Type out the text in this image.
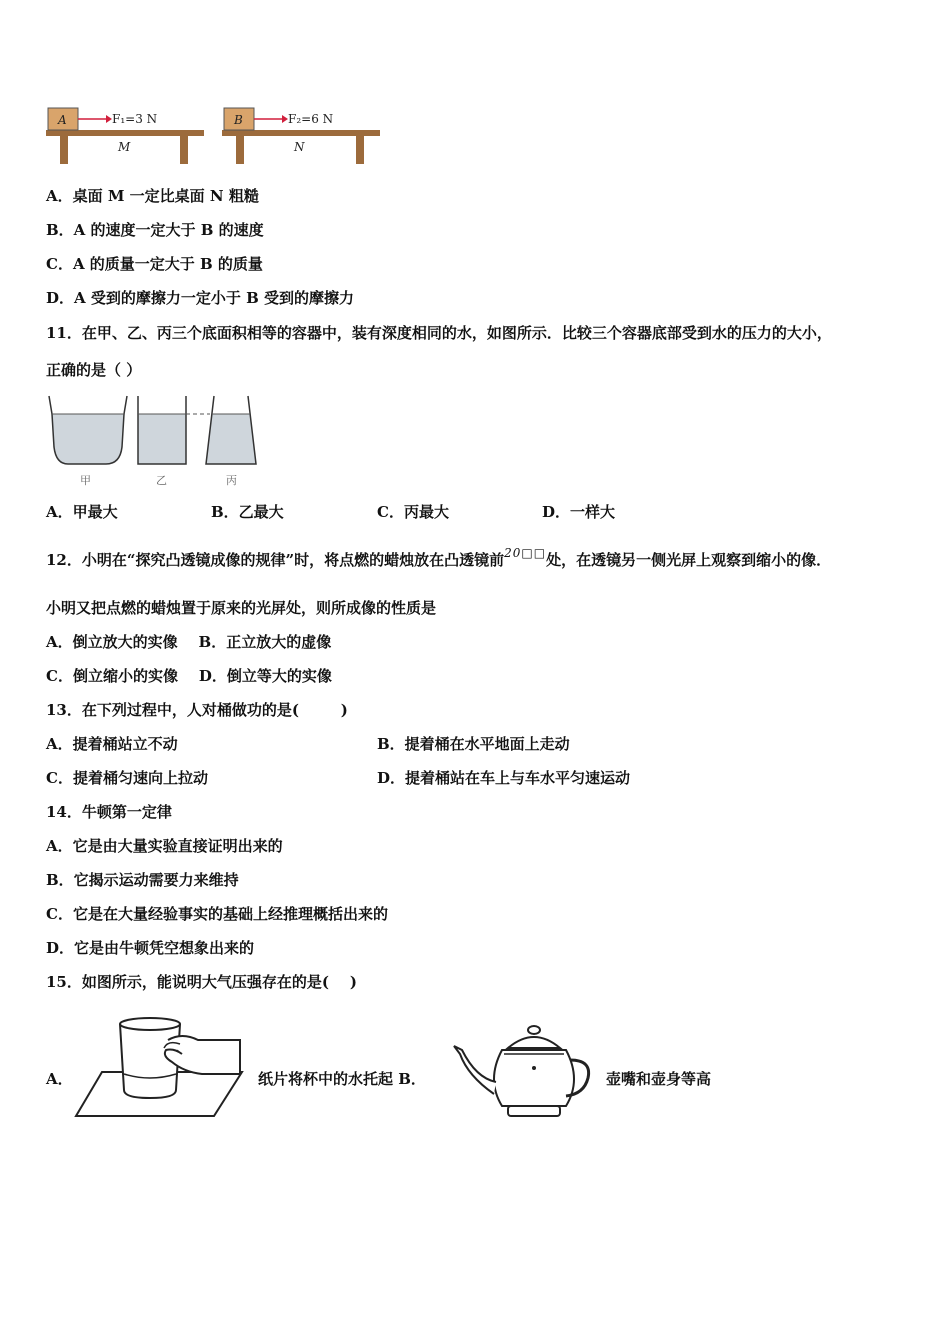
A	F₁=3 N
M
B	F₂=6 N
N
A．桌面 M 一定比桌面 N 粗糙
B．A 的速度一定大于 B 的速度
C．A 的质量一定大于 B 的质量
D．A 受到的摩擦力一定小于 B 受到的摩擦力
11．在甲、乙、丙三个底面积相等的容器中，装有深度相同的水，如图所示．比较三个容器底部受到水的压力的大小，
正确的是（ ）
甲	乙	丙
A．甲最大	B．乙最大	C．丙最大	D．一样大
12．小明在“探究凸透镜成像的规律”时，将点燃的蜡烛放在凸透镜前$^{20□□}$处，在透镜另一侧光屏上观察到缩小的像．
小明又把点燃的蜡烛置于原来的光屏处，则所成像的性质是
A．倒立放大的实像    B．正立放大的虚像
C．倒立缩小的实像    D．倒立等大的实像
13．在下列过程中，人对桶做功的是(        )
A．提着桶站立不动	B．提着桶在水平地面上走动
C．提着桶匀速向上拉动	D．提着桶站在车上与车水平匀速运动
14．牛顿第一定律
A．它是由大量实验直接证明出来的
B．它揭示运动需要力来维持
C．它是在大量经验事实的基础上经推理概括出来的
D．它是由牛顿凭空想象出来的
15．如图所示，能说明大气压强存在的是(    )
A．	纸片将杯中的水托起 B．	壶嘴和壶身等高
